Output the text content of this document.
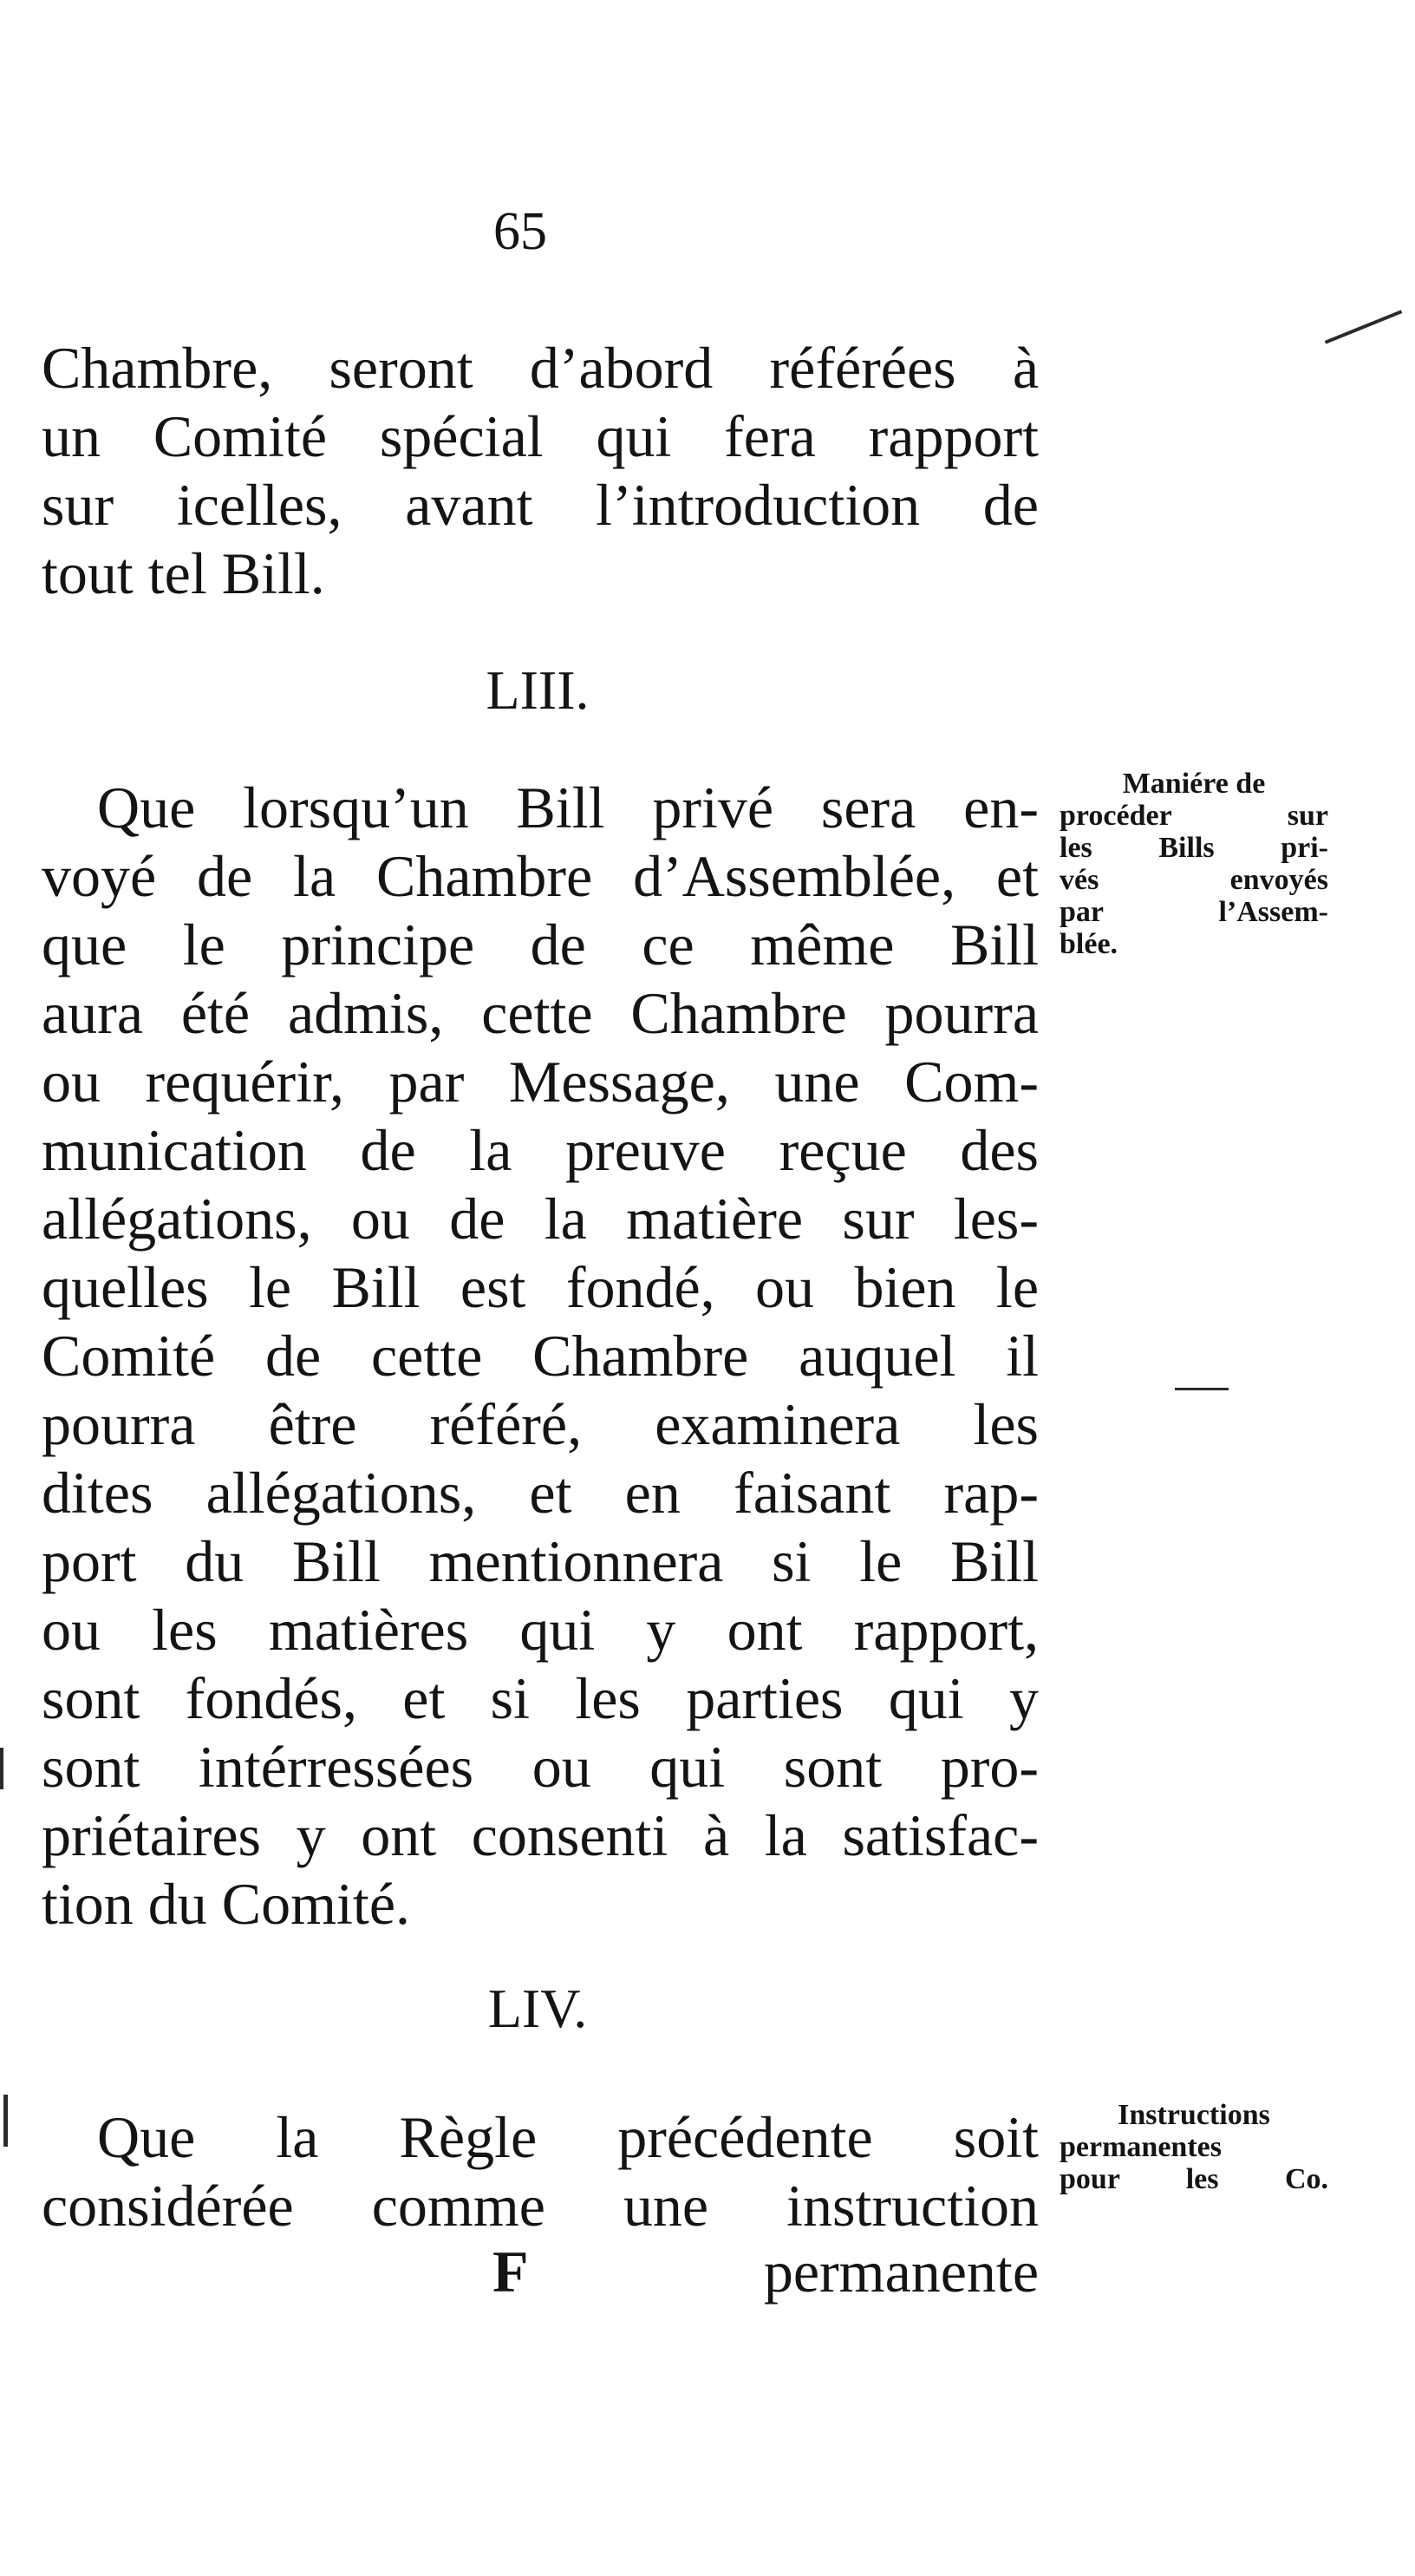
65
Chambre, seront d’abord référées à
un Comité spécial qui fera rapport
sur icelles, avant l’introduction de
tout tel Bill.
LIII.
Que lorsqu’un Bill privé sera en-
voyé de la Chambre d’Assemblée, et
que le principe de ce même Bill
aura été admis, cette Chambre pourra
ou requérir, par Message, une Com-
munication de la preuve reçue des
allégations, ou de la matière sur les-
quelles le Bill est fondé, ou bien le
Comité de cette Chambre auquel il
pourra être référé, examinera les
dites allégations, et en faisant rap-
port du Bill mentionnera si le Bill
ou les matières qui y ont rapport,
sont fondés, et si les parties qui y
sont intérressées ou qui sont pro-
priétaires y ont consenti à la satisfac-
tion du Comité.
Maniére de
procéder sur
les Bills pri-
vés envoyés
par l’Assem-
blée.
LIV.
Que la Règle précédente soit
considérée comme une instruction
Instructions
permanentes
pour les Co.
F	permanente
